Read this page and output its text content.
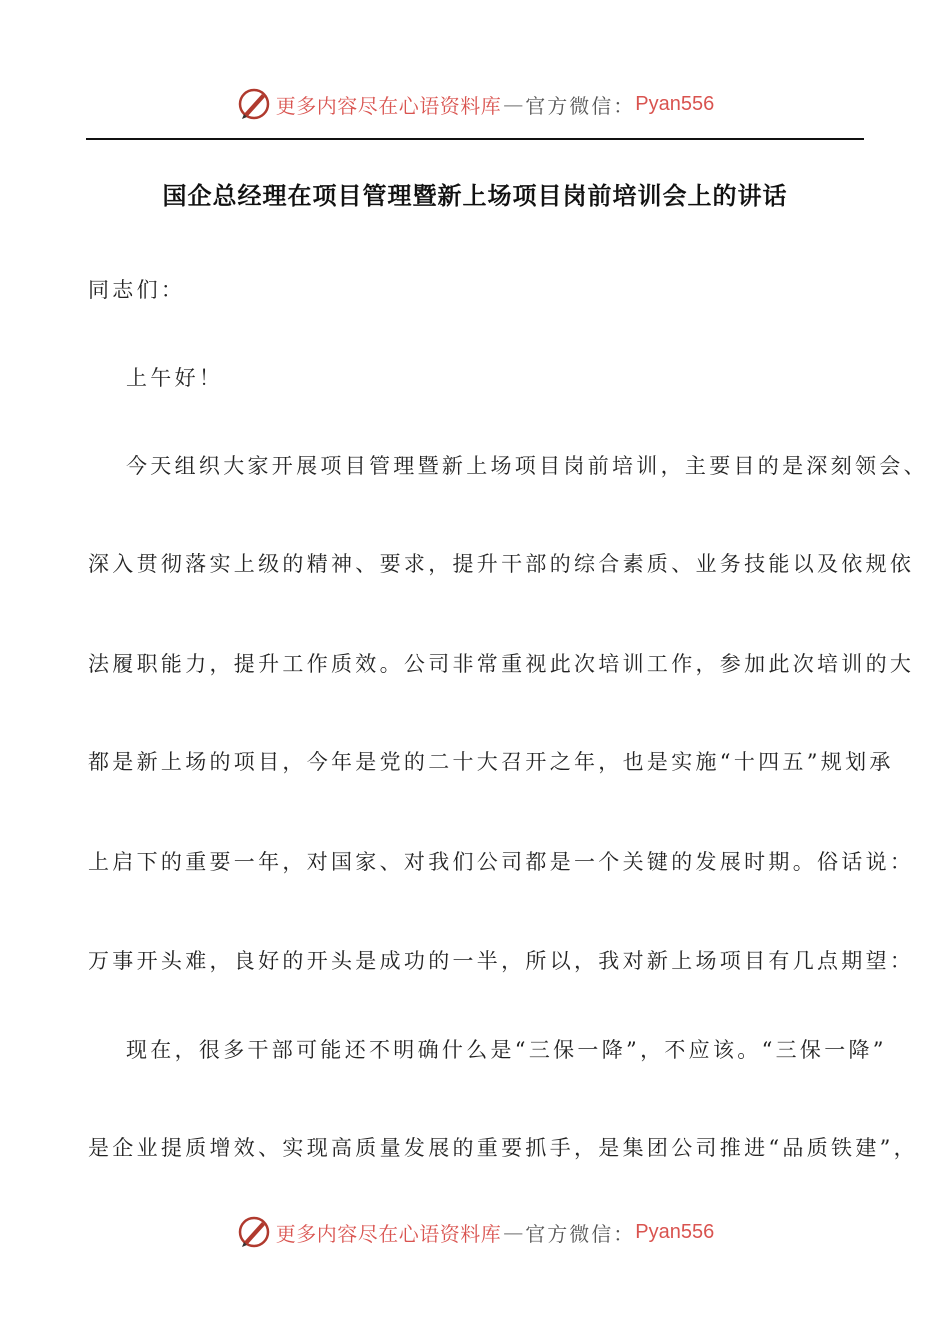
更多内容尽在心语资料库 — 官方微信： Pyan556
国企总经理在项目管理暨新上场项目岗前培训会上的讲话
同志们：
上午好！
今天组织大家开展项目管理暨新上场项目岗前培训，主要目的是深刻领会、
深入贯彻落实上级的精神、要求，提升干部的综合素质、业务技能以及依规依
法履职能力，提升工作质效。公司非常重视此次培训工作，参加此次培训的大
都是新上场的项目，今年是党的二十大召开之年，也是实施“十四五”规划承
上启下的重要一年，对国家、对我们公司都是一个关键的发展时期。俗话说：
万事开头难，良好的开头是成功的一半，所以，我对新上场项目有几点期望：
现在，很多干部可能还不明确什么是“三保一降”，不应该。“三保一降”
是企业提质增效、实现高质量发展的重要抓手，是集团公司推进“品质铁建”，
更多内容尽在心语资料库 — 官方微信： Pyan556
